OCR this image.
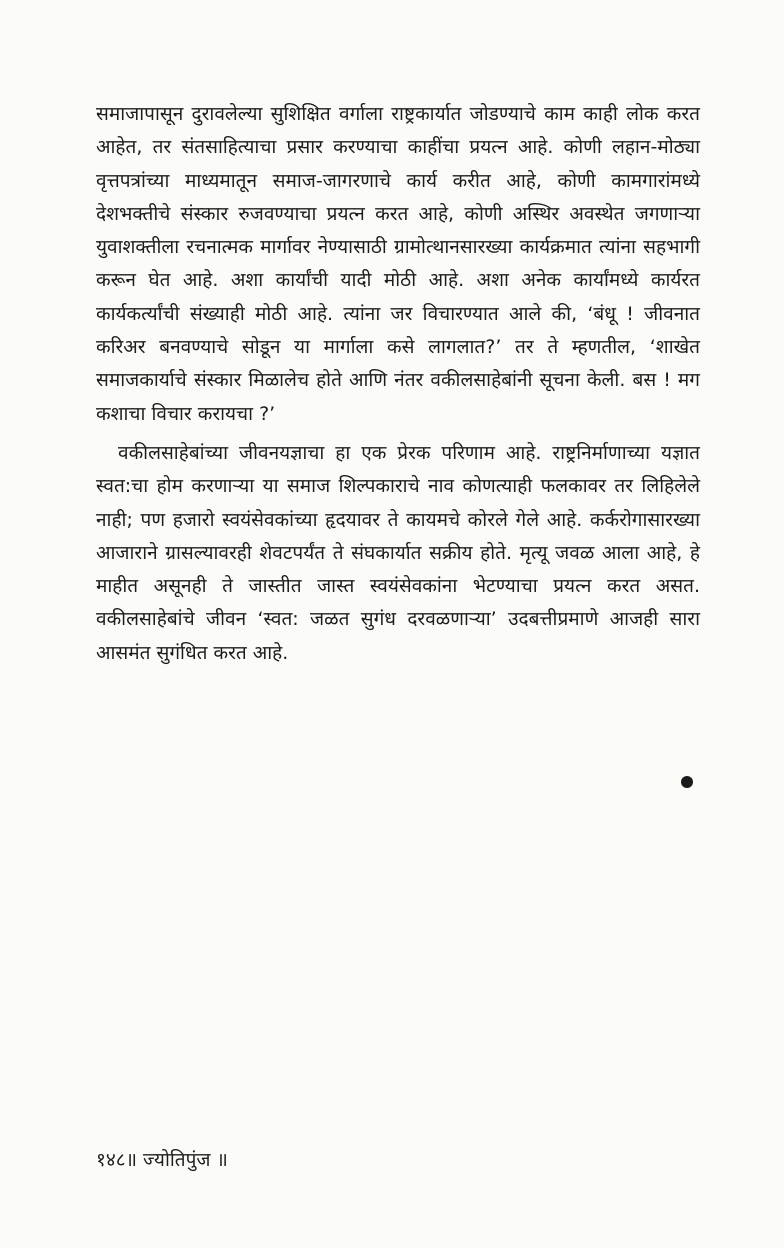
समाजापासून दुरावलेल्या सुशिक्षित वर्गाला राष्ट्रकार्यात जोडण्याचे काम काही लोक करत आहेत, तर संतसाहित्याचा प्रसार करण्याचा काहींचा प्रयत्न आहे. कोणी लहान-मोठ्या वृत्तपत्रांच्या माध्यमातून समाज-जागरणाचे कार्य करीत आहे, कोणी कामगारांमध्ये देशभक्तीचे संस्कार रुजवण्याचा प्रयत्न करत आहे, कोणी अस्थिर अवस्थेत जगणाऱ्या युवाशक्तीला रचनात्मक मार्गावर नेण्यासाठी ग्रामोत्थानसारख्या कार्यक्रमात त्यांना सहभागी करून घेत आहे. अशा कार्यांची यादी मोठी आहे. अशा अनेक कार्यांमध्ये कार्यरत कार्यकर्त्यांची संख्याही मोठी आहे. त्यांना जर विचारण्यात आले की, ‘बंधू ! जीवनात करिअर बनवण्याचे सोडून या मार्गाला कसे लागलात?’ तर ते म्हणतील, ‘शाखेत समाजकार्याचे संस्कार मिळालेच होते आणि नंतर वकीलसाहेबांनी सूचना केली. बस ! मग कशाचा विचार करायचा ?’

वकीलसाहेबांच्या जीवनयज्ञाचा हा एक प्रेरक परिणाम आहे. राष्ट्रनिर्माणाच्या यज्ञात स्वत:चा होम करणाऱ्या या समाज शिल्पकाराचे नाव कोणत्याही फलकावर तर लिहिलेले नाही; पण हजारो स्वयंसेवकांच्या हृदयावर ते कायमचे कोरले गेले आहे. कर्करोगासारख्या आजाराने ग्रासल्यावरही शेवटपर्यंत ते संघकार्यात सक्रीय होते. मृत्यू जवळ आला आहे, हे माहीत असूनही ते जास्तीत जास्त स्वयंसेवकांना भेटण्याचा प्रयत्न करत असत. वकीलसाहेबांचे जीवन ‘स्वत: जळत सुगंध दरवळणाऱ्या’ उदबत्तीप्रमाणे आजही सारा आसमंत सुगंधित करत आहे.

१४८॥ ज्योतिपुंज ॥
